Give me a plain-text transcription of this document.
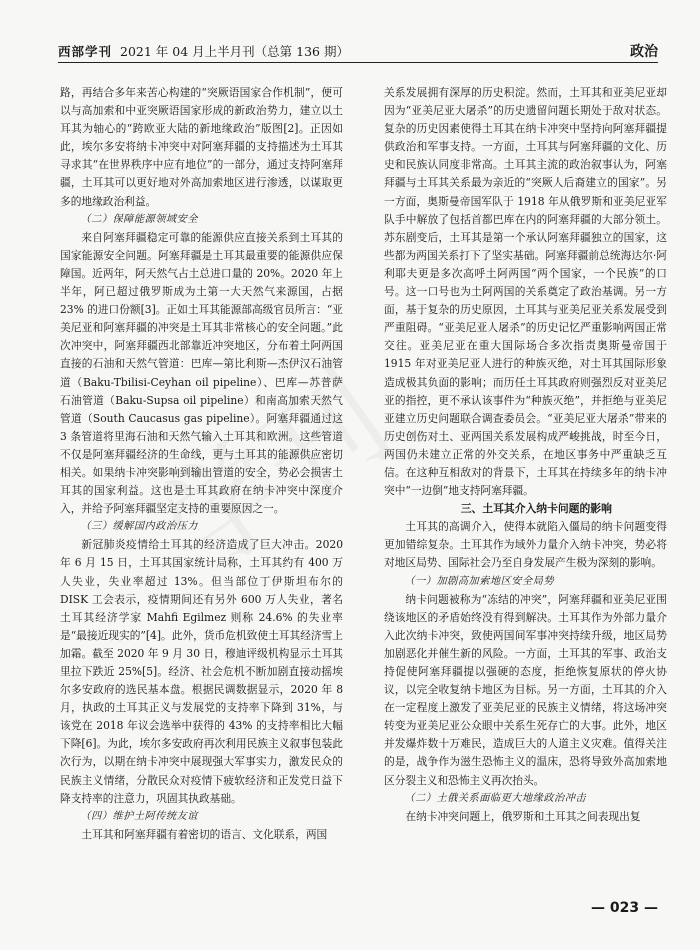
西部学刊 2021 年 04 月上半月刊（总第 136 期）	政治

路，再结合多年来苦心构建的“突厥语国家合作机制”，便可以与高加索和中亚突厥语国家形成的新政治势力，建立以土耳其为轴心的“跨欧亚大陆的新地缘政治”版图[2]。正因如此，埃尔多安将纳卡冲突中对阿塞拜疆的支持描述为土耳其寻求其“在世界秩序中应有地位”的一部分，通过支持阿塞拜疆，土耳其可以更好地对外高加索地区进行渗透，以谋取更多的地缘政治利益。

（二）保障能源领域安全

来自阿塞拜疆稳定可靠的能源供应直接关系到土耳其的国家能源安全问题。阿塞拜疆是土耳其最重要的能源供应保障国。近两年，阿天然气占土总进口量的 20%。2020 年上半年，阿已超过俄罗斯成为土第一大天然气来源国，占据 23% 的进口份额[3]。正如土耳其能源部高级官员所言：“亚美尼亚和阿塞拜疆的冲突是土耳其非常核心的安全问题。”此次冲突中，阿塞拜疆西北部靠近冲突地区，分布着土阿两国直接的石油和天然气管道：巴库—第比利斯—杰伊汉石油管道（Baku-Tbilisi-Ceyhan oil pipeline）、巴库—苏普萨石油管道（Baku-Supsa oil pipeline）和南高加索天然气管道（South Caucasus gas pipeline）。阿塞拜疆通过这 3 条管道将里海石油和天然气输入土耳其和欧洲。这些管道不仅是阿塞拜疆经济的生命线，更与土耳其的能源供应密切相关。如果纳卡冲突影响到输出管道的安全，势必会损害土耳其的国家利益。这也是土耳其政府在纳卡冲突中深度介入，并给予阿塞拜疆坚定支持的重要原因之一。

（三）缓解国内政治压力

新冠肺炎疫情给土耳其的经济造成了巨大冲击。2020 年 6 月 15 日，土耳其国家统计局称，土耳其约有 400 万人失业，失业率超过 13%。但当部位丁伊斯坦布尔的 DISK 工会表示，疫情期间还有另外 600 万人失业，著名土耳其经济学家 Mahfi Egilmez 则称 24.6% 的失业率是“最接近现实的”[4]。此外，货币危机致使土耳其经济雪上加霜。截至 2020 年 9 月 30 日，穆迪评级机构显示土耳其里拉下跌近 25%[5]。经济、社会危机不断加剧直接动摇埃尔多安政府的选民基本盘。根据民调数据显示，2020 年 8 月，执政的土耳其正义与发展党的支持率下降到 31%，与该党在 2018 年议会选举中获得的 43% 的支持率相比大幅下降[6]。为此，埃尔多安政府再次利用民族主义叙事包装此次行为，以期在纳卡冲突中展现强大军事实力，激发民众的民族主义情绪，分散民众对疫情下疲软经济和正发党日益下降支持率的注意力，巩固其执政基础。

（四）维护土阿传统友谊

土耳其和阿塞拜疆有着密切的语言、文化联系，两国

关系发展拥有深厚的历史积淀。然而，土耳其和亚美尼亚却因为“亚美尼亚大屠杀”的历史遗留问题长期处于敌对状态。复杂的历史因素使得土耳其在纳卡冲突中坚持向阿塞拜疆提供政治和军事支持。一方面，土耳其与阿塞拜疆的文化、历史和民族认同度非常高。土耳其主流的政治叙事认为，阿塞拜疆与土耳其关系最为亲近的“突厥人后裔建立的国家”。另一方面，奥斯曼帝国军队于 1918 年从俄罗斯和亚美尼亚军队手中解放了包括首都巴库在内的阿塞拜疆的大部分领土。苏东剧变后，土耳其是第一个承认阿塞拜疆独立的国家，这些都为两国关系打下了坚实基础。阿塞拜疆前总统海达尔·阿利耶夫更是多次高呼土阿两国“两个国家，一个民族”的口号。这一口号也为土阿两国的关系奠定了政治基调。另一方面，基于复杂的历史原因，土耳其与亚美尼亚关系发展受到严重阻碍。“亚美尼亚人屠杀”的历史记忆严重影响两国正常交往。亚美尼亚在重大国际场合多次指责奥斯曼帝国于 1915 年对亚美尼亚人进行的种族灭绝，对土耳其国际形象造成极其负面的影响；而历任土耳其政府则强烈反对亚美尼亚的指控，更不承认该事件为“种族灭绝”，并拒绝与亚美尼亚建立历史问题联合调查委员会。“亚美尼亚大屠杀”带来的历史创伤对土、亚两国关系发展构成严峻挑战，时至今日，两国仍未建立正常的外交关系，在地区事务中严重缺乏互信。在这种互相敌对的背景下，土耳其在持续多年的纳卡冲突中“一边倒”地支持阿塞拜疆。

三、土耳其介入纳卡问题的影响

土耳其的高调介入，使得本就陷入僵局的纳卡问题变得更加错综复杂。土耳其作为域外力量介入纳卡冲突，势必将对地区局势、国际社会乃至自身发展产生极为深刻的影响。

（一）加剧高加索地区安全局势

纳卡问题被称为“冻结的冲突”，阿塞拜疆和亚美尼亚围绕该地区的矛盾始终没有得到解决。土耳其作为外部力量介入此次纳卡冲突，致使两国间军事冲突持续升级，地区局势加剧恶化并催生新的风险。一方面，土耳其的军事、政治支持促使阿塞拜疆提以强硬的态度，拒绝恢复原状的停火协议，以完全收复纳卡地区为目标。另一方面，土耳其的介入在一定程度上激发了亚美尼亚的民族主义情绪，将这场冲突转变为亚美尼亚公众眼中关系生死存亡的大事。此外，地区并发爆炸数十万难民，造成巨大的人道主义灾难。值得关注的是，战争作为滋生恐怖主义的温床，恐将导致外高加索地区分裂主义和恐怖主义再次抬头。

（二）土俄关系面临更大地缘政治冲击

在纳卡冲突问题上，俄罗斯和土耳其之间表现出复

— 023 —
